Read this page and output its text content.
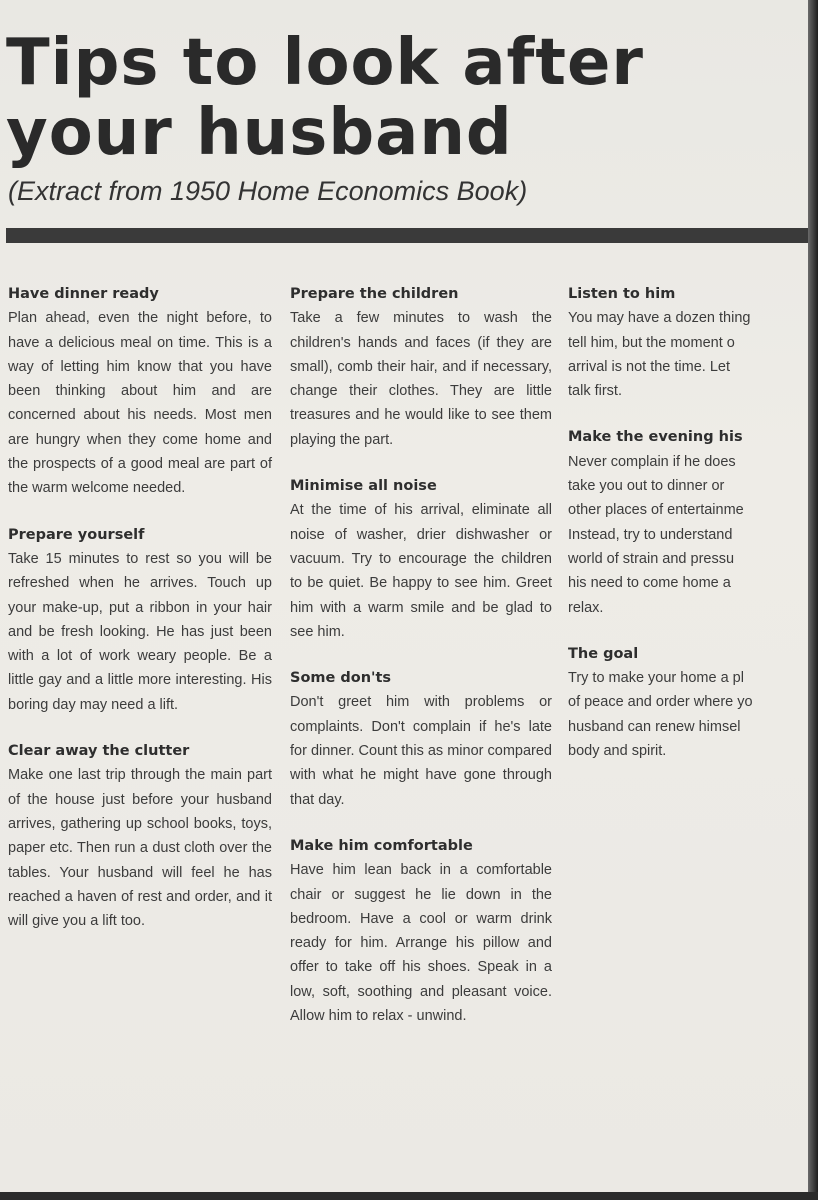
Tips to look after your husband
(Extract from 1950 Home Economics Book)

Have dinner ready

Plan ahead, even the night before, to have a delicious meal on time. This is a way of letting him know that you have been thinking about him and are concerned about his needs. Most men are hungry when they come home and the prospects of a good meal are part of the warm welcome needed.

Prepare yourself

Take 15 minutes to rest so you will be refreshed when he arrives. Touch up your make-up, put a ribbon in your hair and be fresh looking. He has just been with a lot of work weary people. Be a little gay and a little more interesting. His boring day may need a lift.

Clear away the clutter

Make one last trip through the main part of the house just before your husband arrives, gathering up school books, toys, paper etc. Then run a dust cloth over the tables. Your husband will feel he has reached a haven of rest and order, and it will give you a lift too.

Prepare the children

Take a few minutes to wash the children's hands and faces (if they are small), comb their hair, and if necessary, change their clothes. They are little treasures and he would like to see them playing the part.

Minimise all noise

At the time of his arrival, eliminate all noise of washer, drier dishwasher or vacuum. Try to encourage the children to be quiet. Be happy to see him. Greet him with a warm smile and be glad to see him.

Some don'ts

Don't greet him with problems or complaints. Don't complain if he's late for dinner. Count this as minor compared with what he might have gone through that day.

Make him comfortable

Have him lean back in a comfortable chair or suggest he lie down in the bedroom. Have a cool or warm drink ready for him. Arrange his pillow and offer to take off his shoes. Speak in a low, soft, soothing and pleasant voice. Allow him to relax - unwind.

Listen to him

You may have a dozen thing

tell him, but the moment o

arrival is not the time. Let

talk first.

Make the evening his

Never complain if he does

take you out to dinner or

other places of entertainme

Instead, try to understand

world of strain and pressu

his need to come home a

relax.

The goal

Try to make your home a pl

of peace and order where yo

husband can renew himsel

body and spirit.
